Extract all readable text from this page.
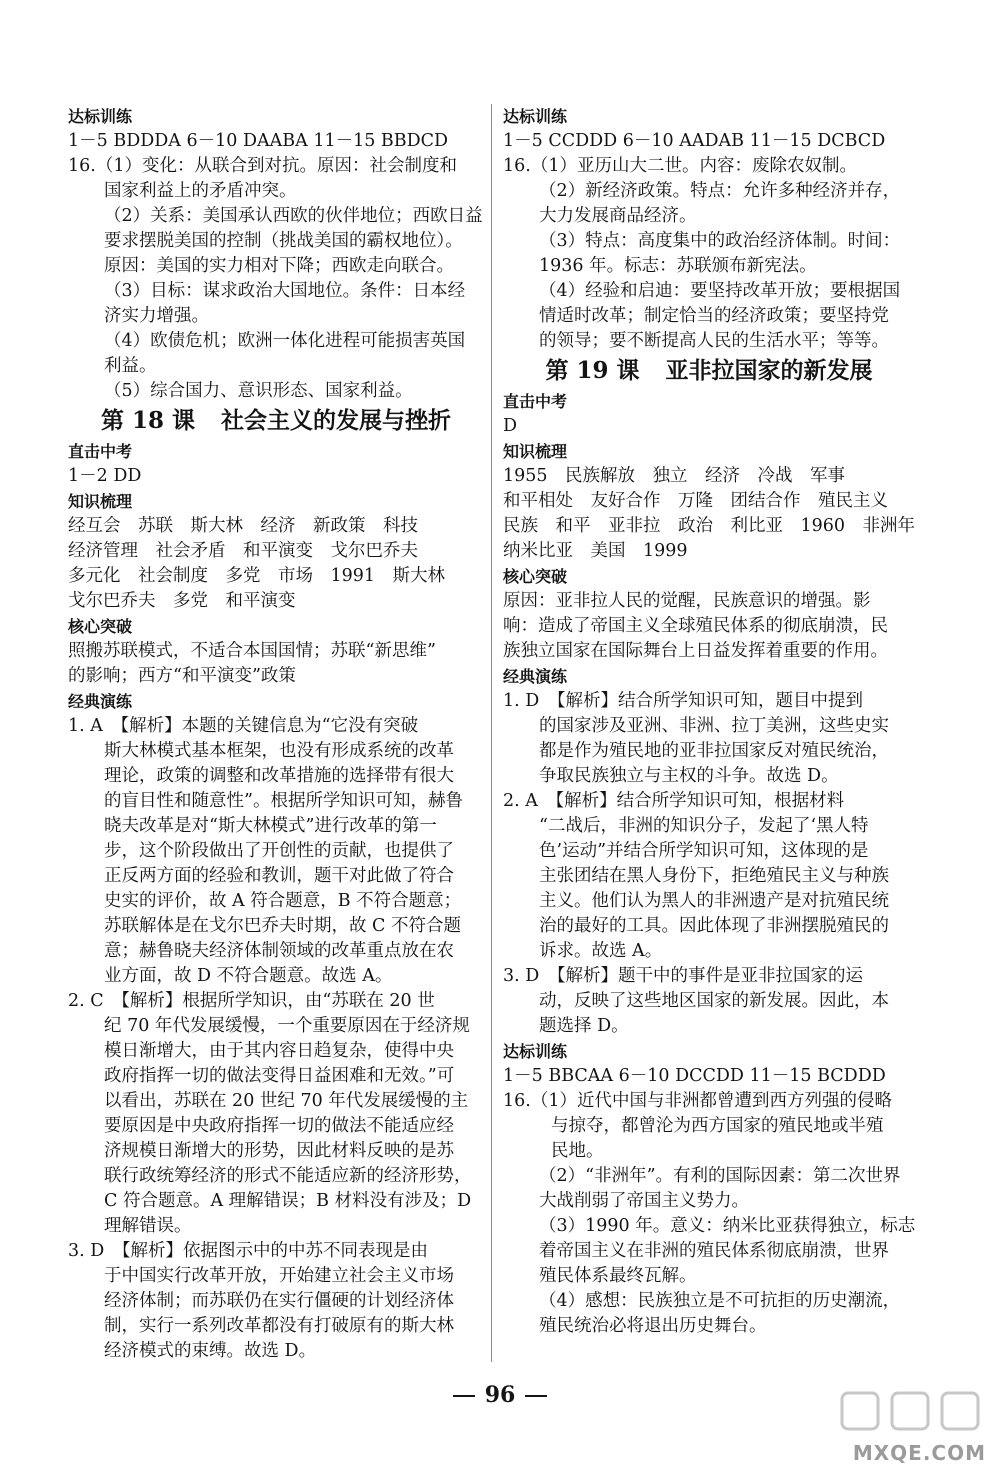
达标训练
1－5 BDDDA 6－10 DAABA 11－15 BBDCD
16.（1）变化：从联合到对抗。原因：社会制度和
国家利益上的矛盾冲突。
（2）关系：美国承认西欧的伙伴地位；西欧日益
要求摆脱美国的控制（挑战美国的霸权地位）。
原因：美国的实力相对下降；西欧走向联合。
（3）目标：谋求政治大国地位。条件：日本经
济实力增强。
（4）欧债危机；欧洲一体化进程可能损害英国
利益。
（5）综合国力、意识形态、国家利益。
第 18 课 社会主义的发展与挫折
直击中考
1－2 DD
知识梳理
经互会　苏联　斯大林　经济　新政策　科技
经济管理　社会矛盾　和平演变　戈尔巴乔夫
多元化　社会制度　多党　市场　1991　斯大林
戈尔巴乔夫　多党　和平演变
核心突破
照搬苏联模式，不适合本国国情；苏联“新思维”
的影响；西方“和平演变”政策
经典演练
1. A　【解析】本题的关键信息为“它没有突破
斯大林模式基本框架，也没有形成系统的改革
理论，政策的调整和改革措施的选择带有很大
的盲目性和随意性”。根据所学知识可知，赫鲁
晓夫改革是对“斯大林模式”进行改革的第一
步，这个阶段做出了开创性的贡献，也提供了
正反两方面的经验和教训，题干对此做了符合
史实的评价，故 A 符合题意，B 不符合题意；
苏联解体是在戈尔巴乔夫时期，故 C 不符合题
意；赫鲁晓夫经济体制领域的改革重点放在农
业方面，故 D 不符合题意。故选 A。
2. C　【解析】根据所学知识，由“苏联在 20 世
纪 70 年代发展缓慢，一个重要原因在于经济规
模日渐增大，由于其内容日趋复杂，使得中央
政府指挥一切的做法变得日益困难和无效。”可
以看出，苏联在 20 世纪 70 年代发展缓慢的主
要原因是中央政府指挥一切的做法不能适应经
济规模日渐增大的形势，因此材料反映的是苏
联行政统筹经济的形式不能适应新的经济形势，
C 符合题意。A 理解错误；B 材料没有涉及；D
理解错误。
3. D　【解析】依据图示中的中苏不同表现是由
于中国实行改革开放，开始建立社会主义市场
经济体制；而苏联仍在实行僵硬的计划经济体
制，实行一系列改革都没有打破原有的斯大林
经济模式的束缚。故选 D。
达标训练
1－5 CCDDD 6－10 AADAB 11－15 DCBCD
16.（1）亚历山大二世。内容：废除农奴制。
（2）新经济政策。特点：允许多种经济并存，
大力发展商品经济。
（3）特点：高度集中的政治经济体制。时间：
1936 年。标志：苏联颁布新宪法。
（4）经验和启迪：要坚持改革开放；要根据国
情适时改革；制定恰当的经济政策；要坚持党
的领导；要不断提高人民的生活水平；等等。
第 19 课 亚非拉国家的新发展
直击中考
D
知识梳理
1955　民族解放　独立　经济　冷战　军事
和平相处　友好合作　万隆　团结合作　殖民主义
民族　和平　亚非拉　政治　利比亚　1960　非洲年
纳米比亚　美国　1999
核心突破
原因：亚非拉人民的觉醒，民族意识的增强。影
响：造成了帝国主义全球殖民体系的彻底崩溃，民
族独立国家在国际舞台上日益发挥着重要的作用。
经典演练
1. D　【解析】结合所学知识可知，题目中提到
的国家涉及亚洲、非洲、拉丁美洲，这些史实
都是作为殖民地的亚非拉国家反对殖民统治，
争取民族独立与主权的斗争。故选 D。
2. A　【解析】结合所学知识可知，根据材料
“二战后，非洲的知识分子，发起了‘黑人特
色’运动”并结合所学知识可知，这体现的是
主张团结在黑人身份下，拒绝殖民主义与种族
主义。他们认为黑人的非洲遗产是对抗殖民统
治的最好的工具。因此体现了非洲摆脱殖民的
诉求。故选 A。
3. D　【解析】题干中的事件是亚非拉国家的运
动，反映了这些地区国家的新发展。因此，本
题选择 D。
达标训练
1－5 BBCAA 6－10 DCCDD 11－15 BCDDD
16.（1）近代中国与非洲都曾遭到西方列强的侵略
与掠夺，都曾沦为西方国家的殖民地或半殖
民地。
（2）“非洲年”。有利的国际因素：第二次世界
大战削弱了帝国主义势力。
（3）1990 年。意义：纳米比亚获得独立，标志
着帝国主义在非洲的殖民体系彻底崩溃，世界
殖民体系最终瓦解。
（4）感想：民族独立是不可抗拒的历史潮流，
殖民统治必将退出历史舞台。
96
MXQE.COM
